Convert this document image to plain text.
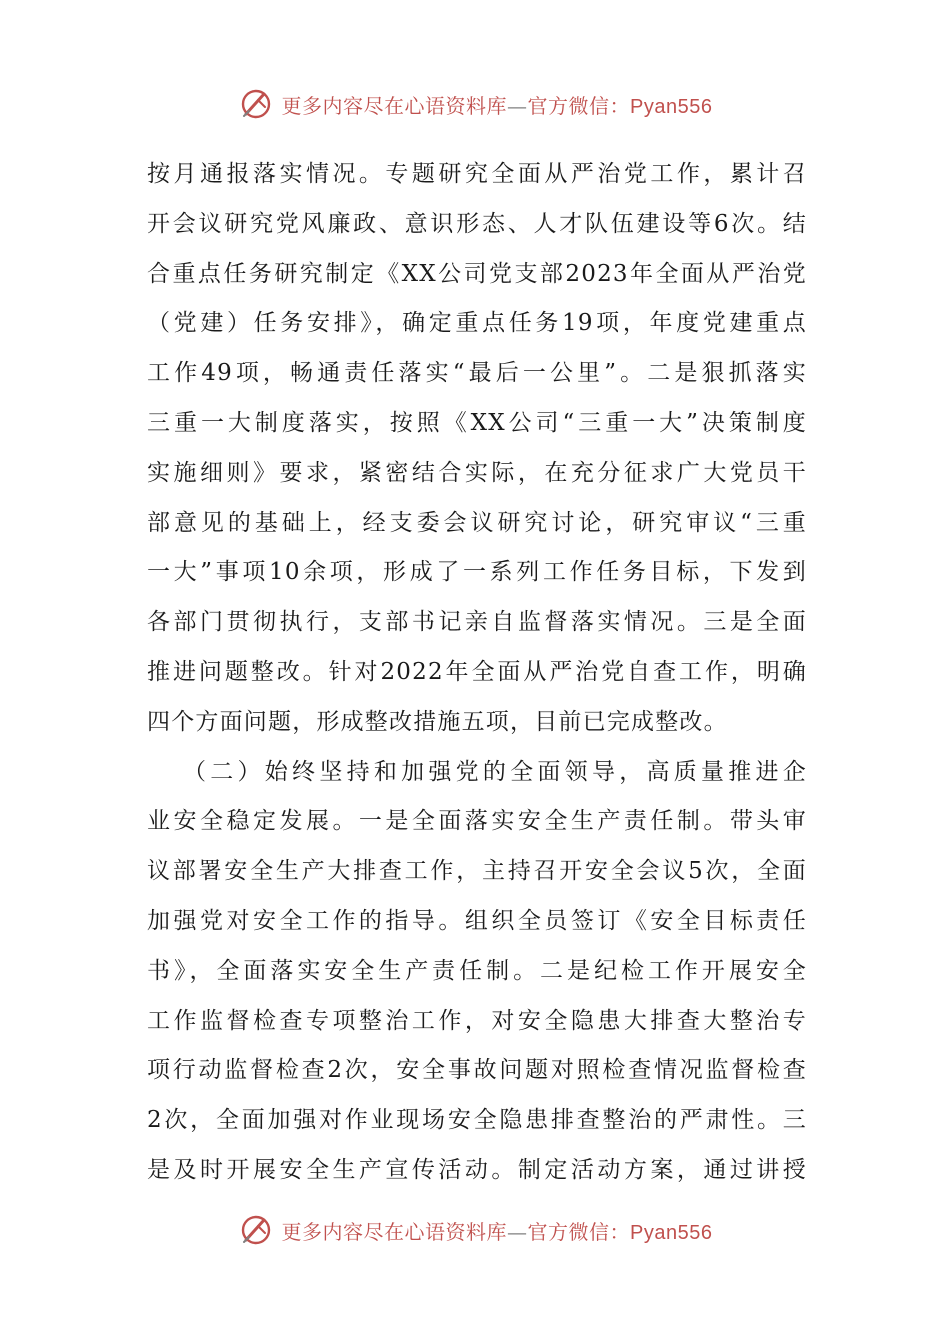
更多内容尽在心语资料库—官方微信：Pyan556
按月通报落实情况。专题研究全面从严治党工作，累计召
开会议研究党风廉政、意识形态、人才队伍建设等6次。结
合重点任务研究制定《XX公司党支部2023年全面从严治党
（党建）任务安排》，确定重点任务19项，年度党建重点
工作49项，畅通责任落实“最后一公里”。二是狠抓落实
三重一大制度落实，按照《XX公司“三重一大”决策制度
实施细则》要求，紧密结合实际，在充分征求广大党员干
部意见的基础上，经支委会议研究讨论，研究审议“三重
一大”事项10余项，形成了一系列工作任务目标，下发到
各部门贯彻执行，支部书记亲自监督落实情况。三是全面
推进问题整改。针对2022年全面从严治党自查工作，明确
四个方面问题，形成整改措施五项，目前已完成整改。
（二）始终坚持和加强党的全面领导，高质量推进企
业安全稳定发展。一是全面落实安全生产责任制。带头审
议部署安全生产大排查工作，主持召开安全会议5次，全面
加强党对安全工作的指导。组织全员签订《安全目标责任
书》，全面落实安全生产责任制。二是纪检工作开展安全
工作监督检查专项整治工作，对安全隐患大排查大整治专
项行动监督检查2次，安全事故问题对照检查情况监督检查
2次，全面加强对作业现场安全隐患排查整治的严肃性。三
是及时开展安全生产宣传活动。制定活动方案，通过讲授
更多内容尽在心语资料库—官方微信：Pyan556
